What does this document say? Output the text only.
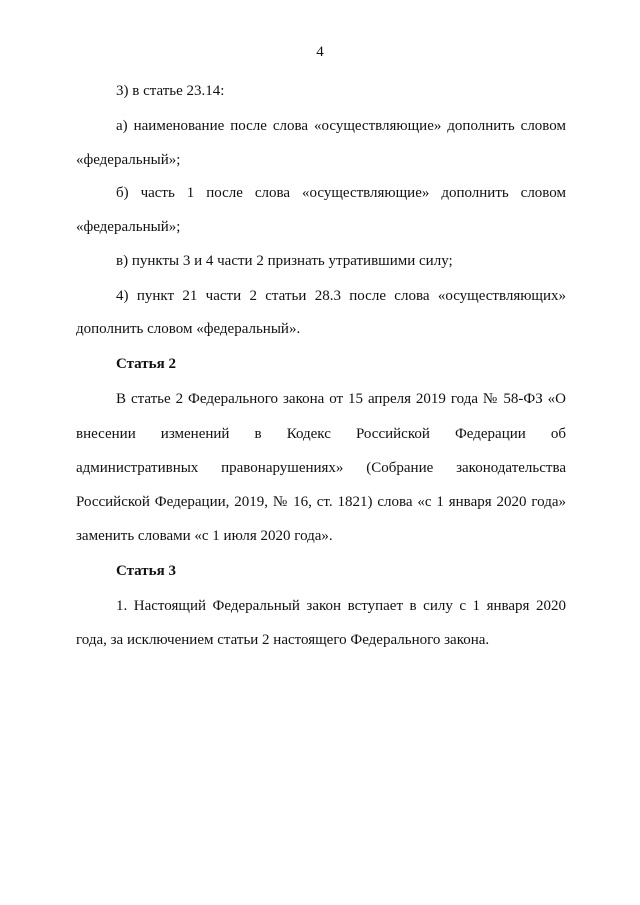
4
3) в статье 23.14:
а) наименование после слова «осуществляющие» дополнить словом
«федеральный»;
б) часть 1 после слова «осуществляющие» дополнить словом
«федеральный»;
в) пункты 3 и 4 части 2 признать утратившими силу;
4) пункт 21 части 2 статьи 28.3 после слова «осуществляющих»
дополнить словом «федеральный».
Статья 2
В статье 2 Федерального закона от 15 апреля 2019 года № 58-ФЗ «О
внесении изменений в Кодекс Российской Федерации об
административных правонарушениях» (Собрание законодательства
Российской Федерации, 2019, № 16, ст. 1821) слова «с 1 января 2020 года»
заменить словами «с 1 июля 2020 года».
Статья 3
1. Настоящий Федеральный закон вступает в силу с 1 января 2020
года, за исключением статьи 2 настоящего Федерального закона.
